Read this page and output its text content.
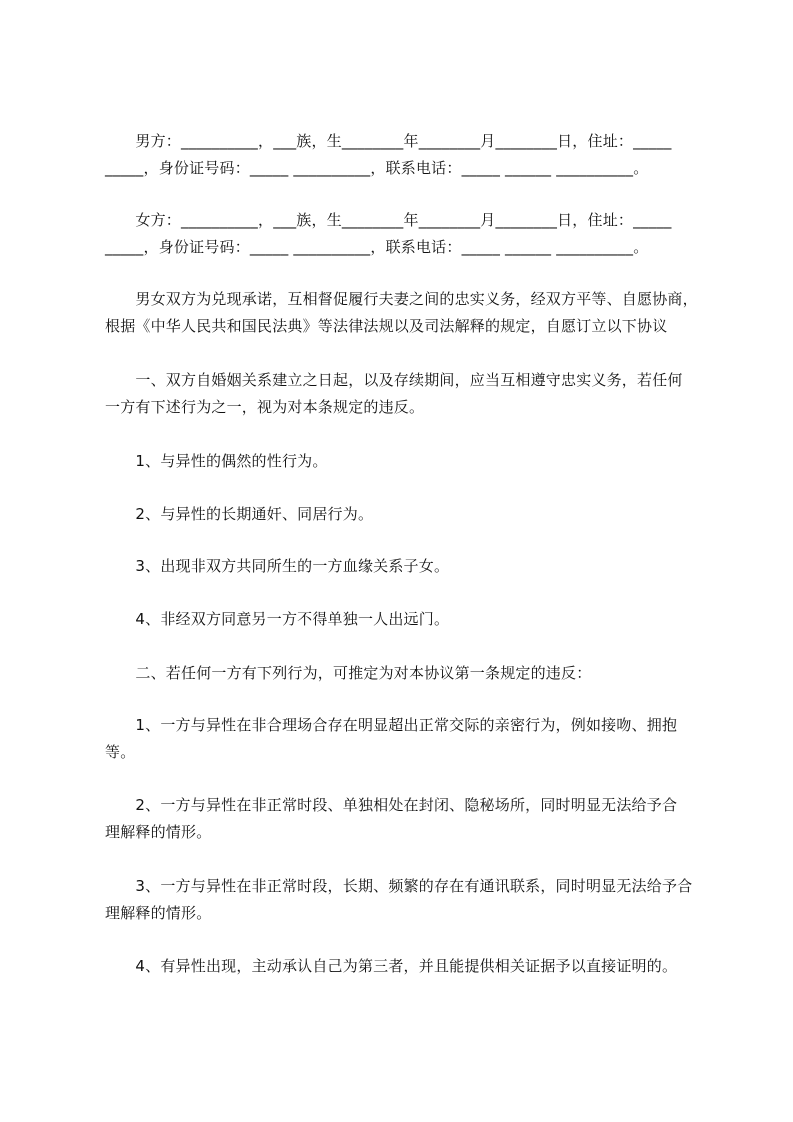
　　男方：__________，___族，生________年________月________日，住址：_____
_____，身份证号码：_____ __________，联系电话：_____ ______ __________。
　　女方：__________，___族，生________年________月________日，住址：_____
_____，身份证号码：_____ __________，联系电话：_____ ______ __________。
　　男女双方为兑现承诺，互相督促履行夫妻之间的忠实义务，经双方平等、自愿协商，
根据《中华人民共和国民法典》等法律法规以及司法解释的规定，自愿订立以下协议
　　一、双方自婚姻关系建立之日起，以及存续期间，应当互相遵守忠实义务，若任何
一方有下述行为之一，视为对本条规定的违反。
　　1、与异性的偶然的性行为。
　　2、与异性的长期通奸、同居行为。
　　3、出现非双方共同所生的一方血缘关系子女。
　　4、非经双方同意另一方不得单独一人出远门。
　　二、若任何一方有下列行为，可推定为对本协议第一条规定的违反：
　　1、一方与异性在非合理场合存在明显超出正常交际的亲密行为，例如接吻、拥抱
等。
　　2、一方与异性在非正常时段、单独相处在封闭、隐秘场所，同时明显无法给予合
理解释的情形。
　　3、一方与异性在非正常时段，长期、频繁的存在有通讯联系，同时明显无法给予合
理解释的情形。
　　4、有异性出现，主动承认自己为第三者，并且能提供相关证据予以直接证明的。
